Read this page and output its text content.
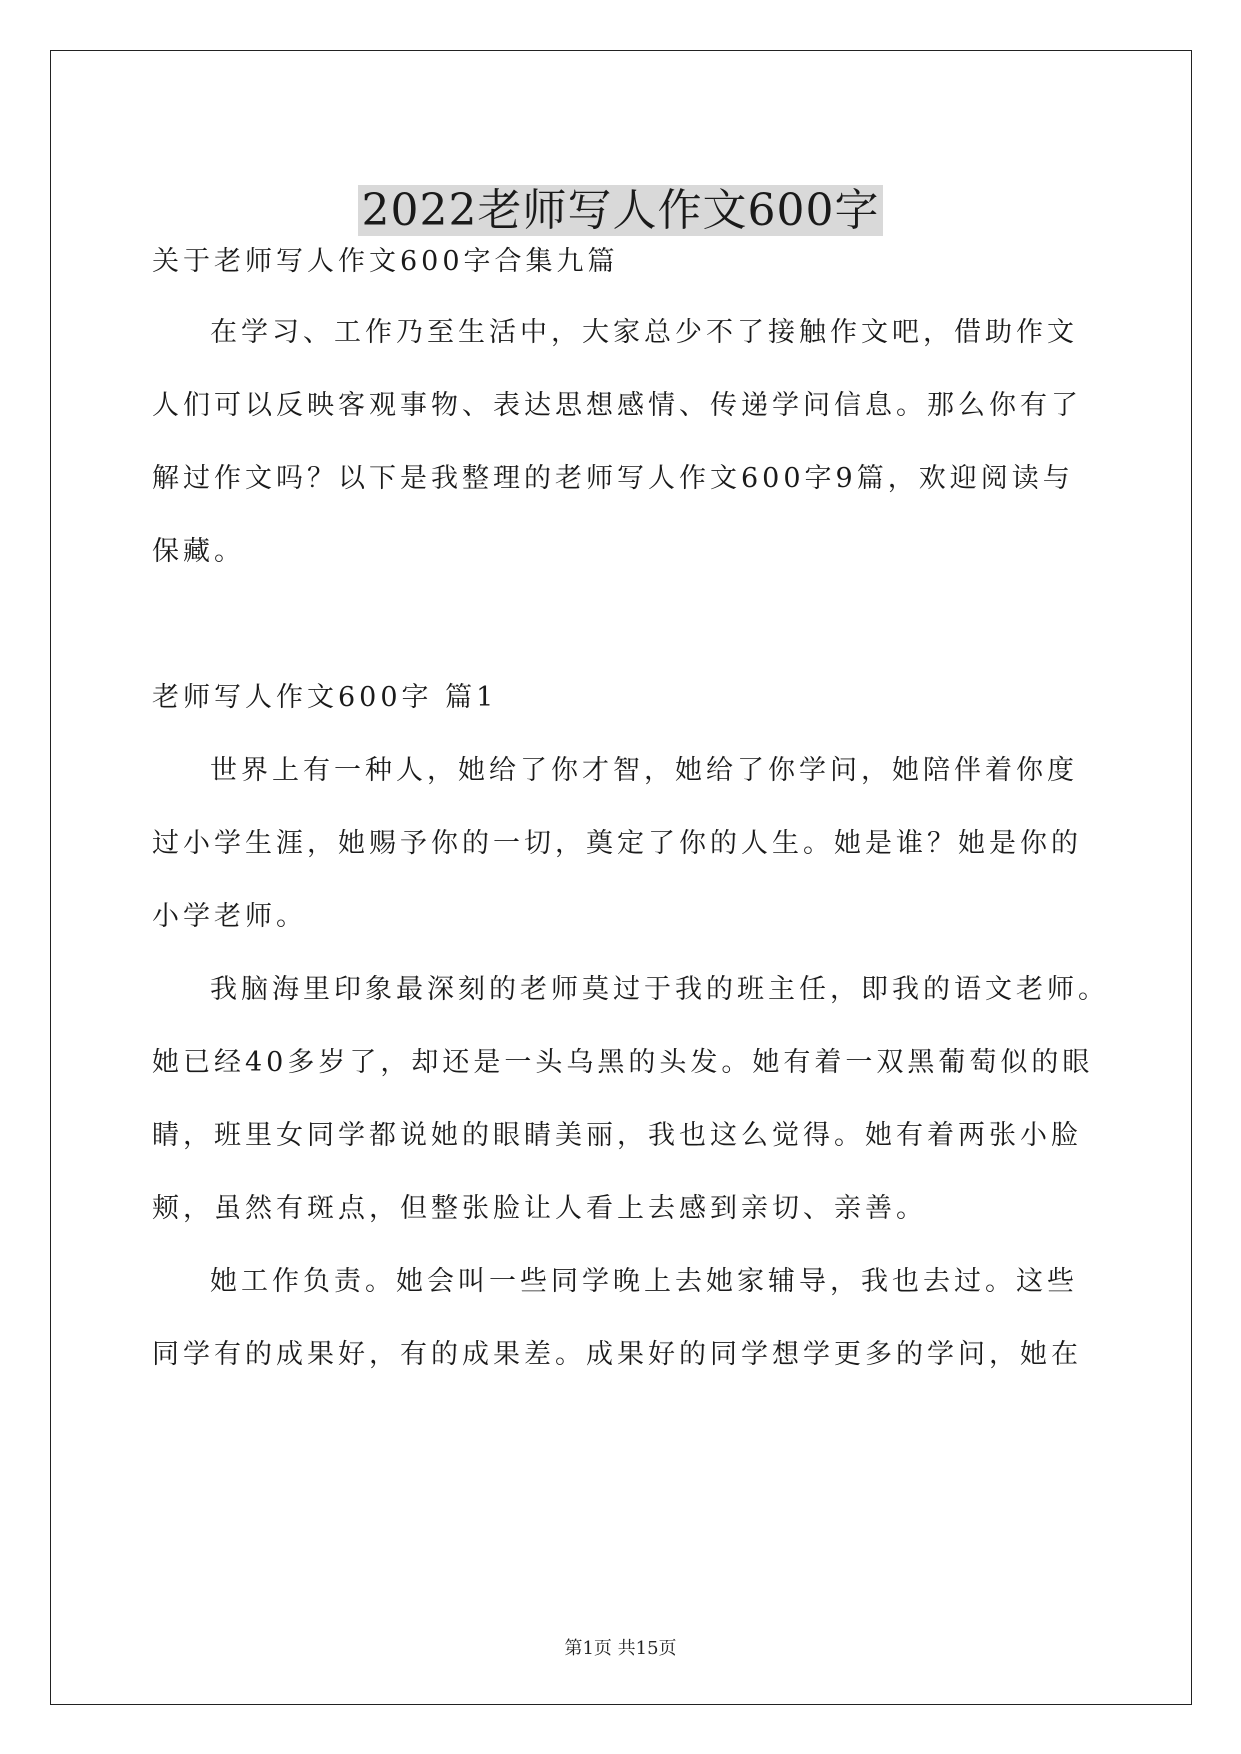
2022老师写人作文600字
关于老师写人作文600字合集九篇
在学习、工作乃至生活中，大家总少不了接触作文吧，借助作文
人们可以反映客观事物、表达思想感情、传递学问信息。那么你有了
解过作文吗？以下是我整理的老师写人作文600字9篇，欢迎阅读与
保藏。
老师写人作文600字 篇1
世界上有一种人，她给了你才智，她给了你学问，她陪伴着你度
过小学生涯，她赐予你的一切，奠定了你的人生。她是谁？她是你的
小学老师。
我脑海里印象最深刻的老师莫过于我的班主任，即我的语文老师。
她已经40多岁了，却还是一头乌黑的头发。她有着一双黑葡萄似的眼
睛，班里女同学都说她的眼睛美丽，我也这么觉得。她有着两张小脸
颊，虽然有斑点，但整张脸让人看上去感到亲切、亲善。
她工作负责。她会叫一些同学晚上去她家辅导，我也去过。这些
同学有的成果好，有的成果差。成果好的同学想学更多的学问，她在
第1页 共15页
